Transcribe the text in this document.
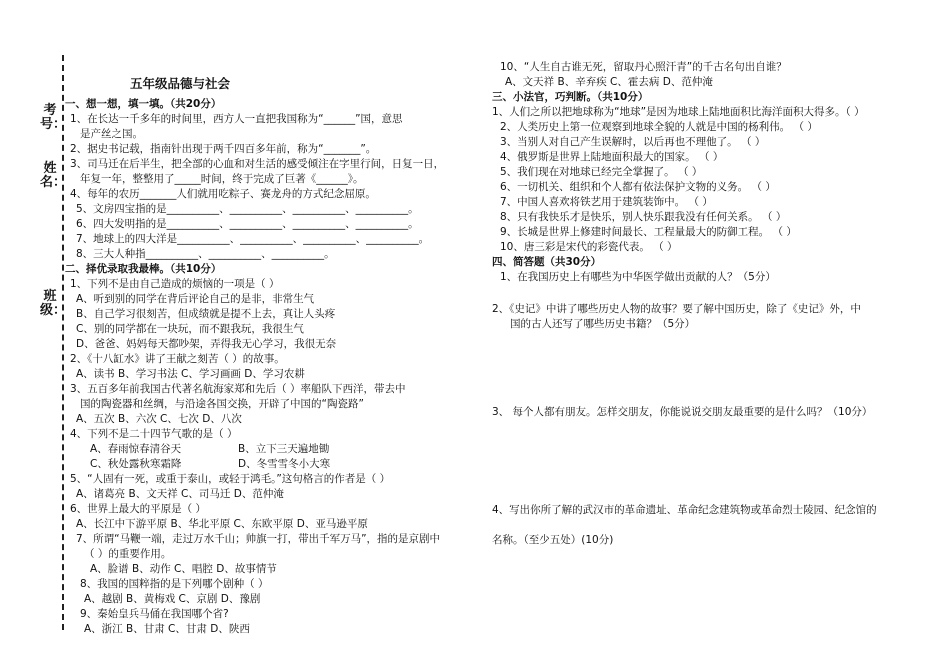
考号：
姓名：
班级：
五年级品德与社会
一、想一想，填一填。（共20分）
1、在长达一千多年的时间里，西方人一直把我国称为“______”国，意思
是产丝之国。
2、据史书记载，指南针出现于两千四百多年前，称为“_______”。
3、司马迁在后半生，把全部的心血和对生活的感受倾注在字里行间，日复一日，
年复一年，整整用了_____时间，终于完成了巨著《______》。
4、每年的农历_______人们就用吃粽子、赛龙舟的方式纪念屈原。
5、文房四宝指的是__________、__________、__________、__________。
6、四大发明指的是__________、__________、__________、__________。
7、地球上的四大洋是__________、__________、__________、__________。
8、三大人种指__________、__________、__________。
二、择优录取我最棒。（共10分）
1、下列不是由自己造成的烦恼的一项是（ ）
A、听到别的同学在背后评论自己的是非，非常生气
B、自己学习很刻苦，但成绩就是提不上去，真让人头疼
C、别的同学都在一块玩，而不跟我玩，我很生气
D、爸爸、妈妈每天都吵架，弄得我无心学习，我很无奈
2、《十八缸水》讲了王献之刻苦（ ）的故事。
A、读书 B、学习书法 C、学习画画 D、学习农耕
3、五百多年前我国古代著名航海家郑和先后（ ）率船队下西洋，带去中
国的陶瓷器和丝绸，与沿途各国交换，开辟了中国的“陶瓷路”
A、五次 B、六次 C、七次 D、八次
4、下列不是二十四节气歌的是（ ）
A、春雨惊春清谷天	B、立下三天遍地锄
C、秋处露秋寒霜降	D、冬雪雪冬小大寒
5、“人固有一死，或重于泰山，或轻于鸿毛。”这句格言的作者是（ ）
A、诸葛亮 B、文天祥 C、司马迁 D、范仲淹
6、世界上最大的平原是（ ）
A、长江中下游平原 B、华北平原 C、东欧平原 D、亚马逊平原
7、所谓“马鞭一端，走过万水千山；帅旗一打，带出千军万马”，指的是京剧中
（ ）的重要作用。
A、脸谱 B、动作 C、唱腔 D、故事情节
8、我国的国粹指的是下列哪个剧种（ ）
A、越剧 B、黄梅戏 C、京剧 D、豫剧
9、秦始皇兵马俑在我国哪个省?
A、浙江 B、甘肃 C、甘肃 D、陕西
10、“人生自古谁无死，留取丹心照汗青”的千古名句出自谁？
A、文天祥 B、辛弃疾 C、霍去病 D、范仲淹
三、小法官，巧判断。（共10分）
1、人们之所以把地球称为“地球”是因为地球上陆地面积比海洋面积大得多。（ ）
2、人类历史上第一位观察到地球全貌的人就是中国的杨利伟。 （ ）
3、当别人对自己产生误解时，以后再也不理他了。 （ ）
4、俄罗斯是世界上陆地面积最大的国家。 （ ）
5、我们现在对地球已经完全掌握了。 （ ）
6、一切机关、组织和个人都有依法保护文物的义务。 （ ）
7、中国人喜欢将铁艺用于建筑装饰中。 （ ）
8、只有我快乐才是快乐，别人快乐跟我没有任何关系。 （ ）
9、长城是世界上修建时间最长、工程量最大的防御工程。 （ ）
10、唐三彩是宋代的彩瓷代表。 （ ）
四、简答题（共30分）
1、在我国历史上有哪些为中华医学做出贡献的人？（5分）
2、《史记》中讲了哪些历史人物的故事？要了解中国历史，除了《史记》外，中
国的古人还写了哪些历史书籍？（5分）
3、 每个人都有朋友。怎样交朋友，你能说说交朋友最重要的是什么吗？（10分）
4、写出你所了解的武汉市的革命遗址、革命纪念建筑物或革命烈士陵园、纪念馆的
名称。（至少五处）(10分)
